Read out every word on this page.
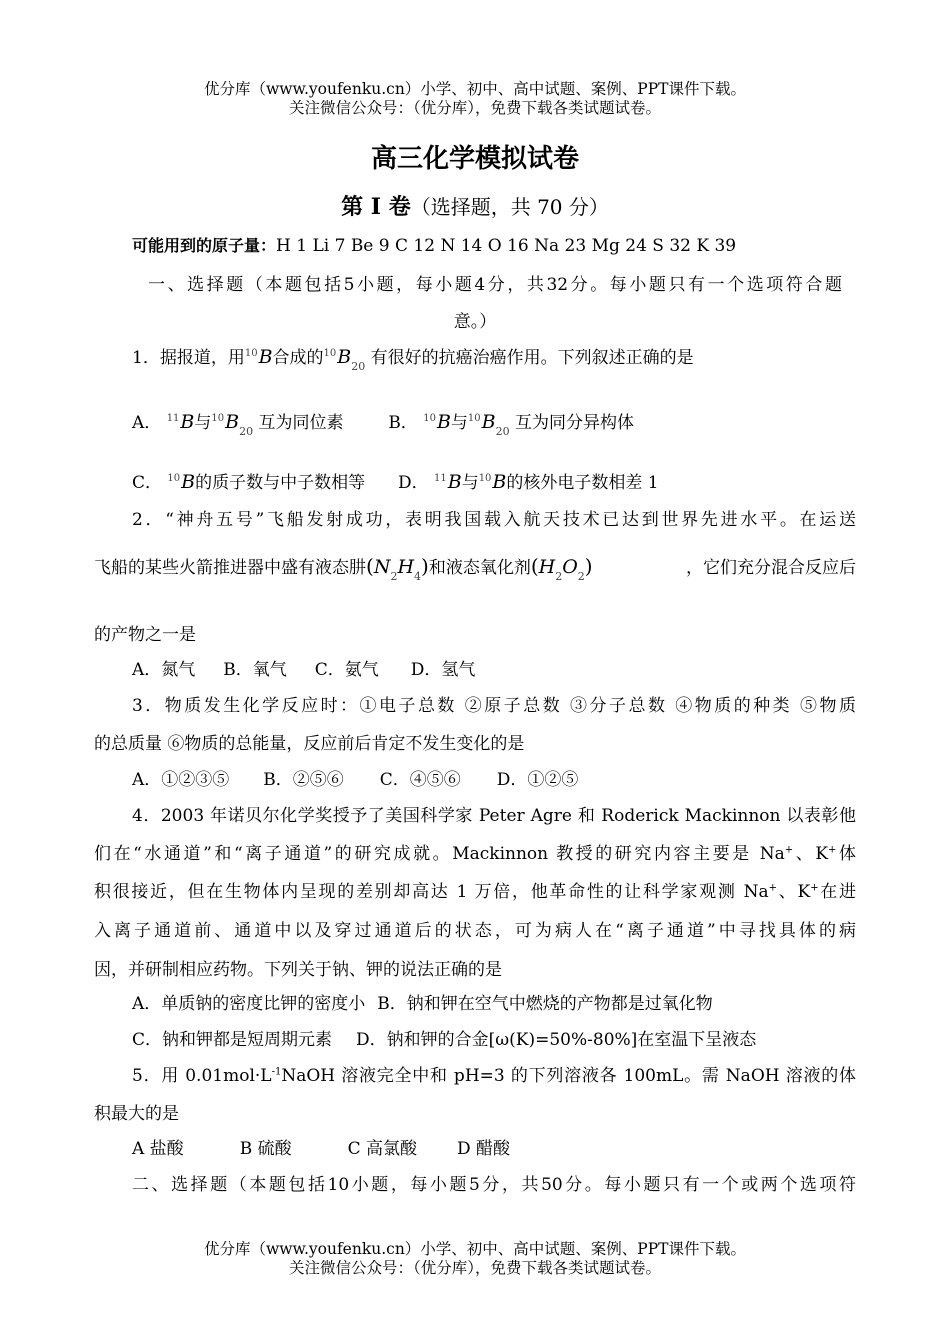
优分库（www.youfenku.cn）小学、初中、高中试题、案例、PPT课件下载。
关注微信公众号：（优分库），免费下载各类试题试卷。
高三化学模拟试卷
第 I 卷（选择题，共 70 分）
可能用到的原子量：H 1 Li 7 Be 9 C 12 N 14 O 16 Na 23 Mg 24 S 32 K 39
一、选择题（本题包括5小题，每小题4分，共32分。每小题只有一个选项符合题
意。）
1．据报道，用$^{10}$B合成的$^{10}B_{20}$ 有很好的抗癌治癌作用。下列叙述正确的是
A． $^{11}$B与$^{10}B_{20}$ 互为同位素	B． $^{10}$B与$^{10}B_{20}$ 互为同分异构体
C． $^{10}$B的质子数与中子数相等 D． $^{11}$B与$^{10}$B的核外电子数相差 1
2．“神舟五号”飞船发射成功，表明我国载入航天技术已达到世界先进水平。在运送
飞船的某些火箭推进器中盛有液态肼$(N_2H_4)$和液态氧化剂$(H_2O_2)$	，它们充分混合反应后
的产物之一是
A．氮气 B．氧气 C．氨气 D．氢气
3．物质发生化学反应时：①电子总数 ②原子总数 ③分子总数 ④物质的种类 ⑤物质
的总质量 ⑥物质的总能量，反应前后肯定不发生变化的是
A．①②③⑤ B．②⑤⑥ C．④⑤⑥ D．①②⑤
4．2003 年诺贝尔化学奖授予了美国科学家 Peter Agre 和 Roderick Mackinnon 以表彰他
们在“水通道”和“离子通道”的研究成就。Mackinnon 教授的研究内容主要是 Na+、K+体
积很接近，但在生物体内呈现的差别却高达 1 万倍，他革命性的让科学家观测 Na+、K+在进
入离子通道前、通道中以及穿过通道后的状态，可为病人在“离子通道”中寻找具体的病
因，并研制相应药物。下列关于钠、钾的说法正确的是
A．单质钠的密度比钾的密度小 B．钠和钾在空气中燃烧的产物都是过氧化物
C．钠和钾都是短周期元素 D．钠和钾的合金[ω(K)=50%-80%]在室温下呈液态
5．用 $0.01mol\cdot L^{-1}NaOH$ 溶液完全中和 pH=3 的下列溶液各 100mL。需 NaOH 溶液的体
积最大的是
A 盐酸	B 硫酸	C 高氯酸 D 醋酸
二、选择题（本题包括10小题，每小题5分，共50分。每小题只有一个或两个选项符
优分库（www.youfenku.cn）小学、初中、高中试题、案例、PPT课件下载。
关注微信公众号：（优分库），免费下载各类试题试卷。
